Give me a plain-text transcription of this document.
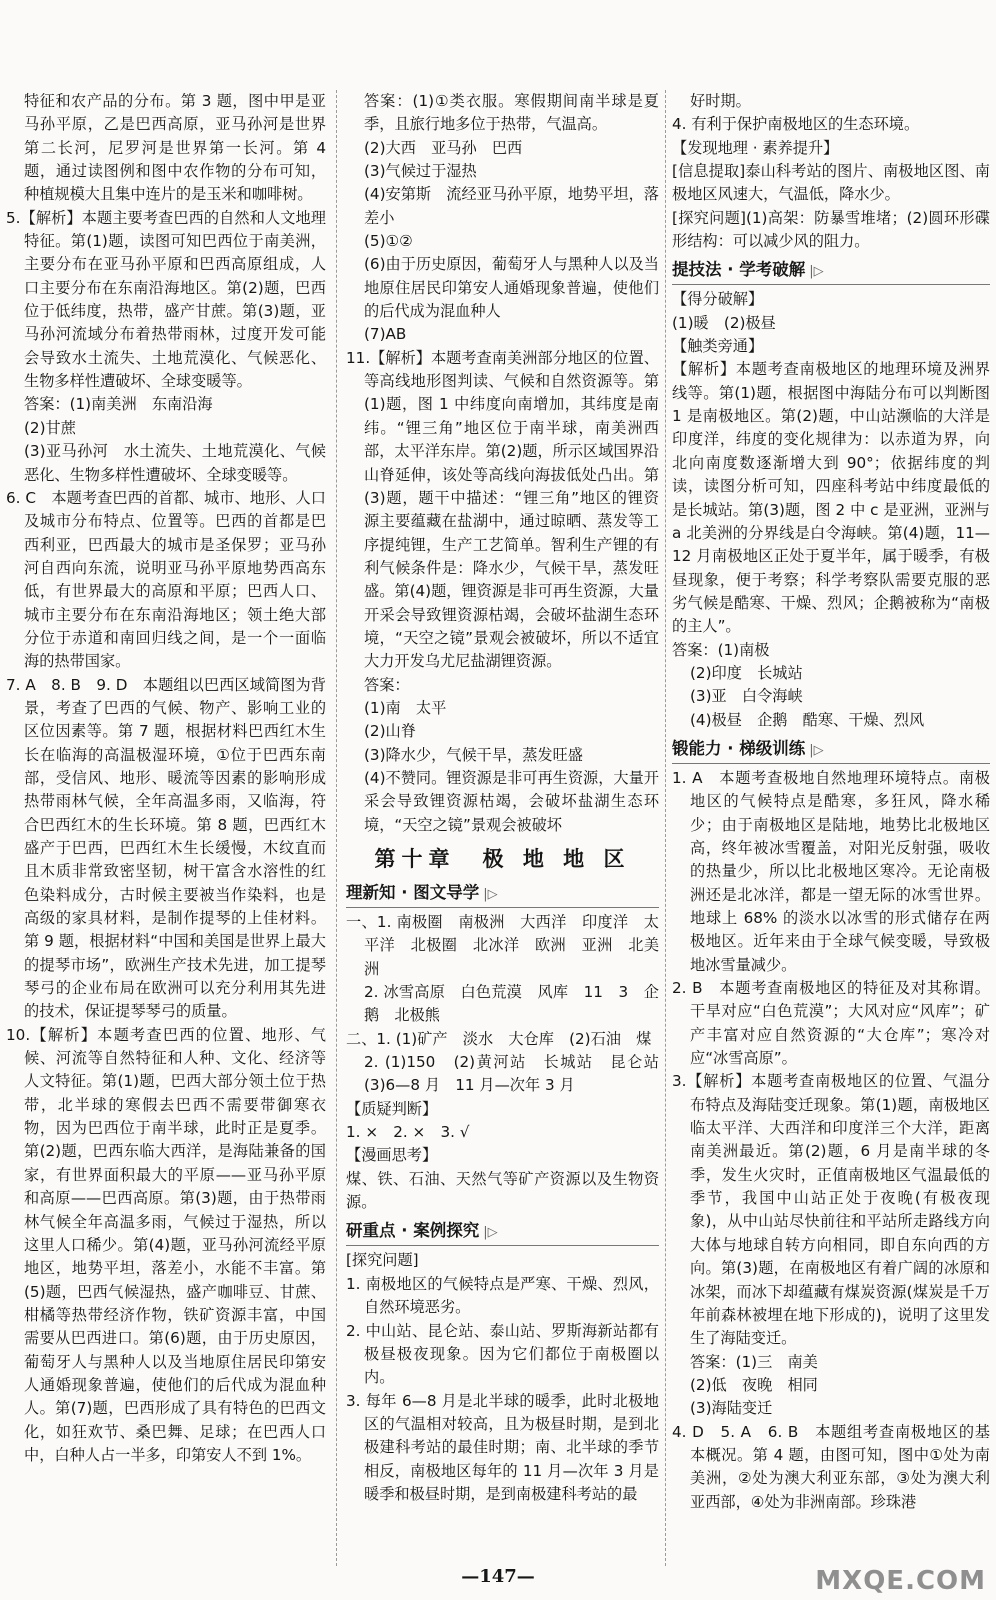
特征和农产品的分布。第 3 题，图中甲是亚马孙平原，乙是巴西高原，亚马孙河是世界第二长河，尼罗河是世界第一长河。第 4 题，通过读图例和图中农作物的分布可知，种植规模大且集中连片的是玉米和咖啡树。

5.【解析】本题主要考查巴西的自然和人文地理特征。第(1)题，读图可知巴西位于南美洲，主要分布在亚马孙平原和巴西高原组成，人口主要分布在东南沿海地区。第(2)题，巴西位于低纬度，热带，盛产甘蔗。第(3)题，亚马孙河流域分布着热带雨林，过度开发可能会导致水土流失、土地荒漠化、气候恶化、生物多样性遭破坏、全球变暖等。

答案：(1)南美洲　东南沿海

(2)甘蔗

(3)亚马孙河　水土流失、土地荒漠化、气候恶化、生物多样性遭破坏、全球变暖等。

6. C　本题考查巴西的首都、城市、地形、人口及城市分布特点、位置等。巴西的首都是巴西利亚，巴西最大的城市是圣保罗；亚马孙河自西向东流，说明亚马孙平原地势西高东低，有世界最大的高原和平原；巴西人口、城市主要分布在东南沿海地区；领土绝大部分位于赤道和南回归线之间，是一个一面临海的热带国家。

7. A　8. B　9. D　本题组以巴西区域简图为背景，考查了巴西的气候、物产、影响工业的区位因素等。第 7 题，根据材料巴西红木生长在临海的高温极湿环境，①位于巴西东南部，受信风、地形、暖流等因素的影响形成热带雨林气候，全年高温多雨，又临海，符合巴西红木的生长环境。第 8 题，巴西红木盛产于巴西，巴西红木生长缓慢，木纹直而且木质非常致密坚韧，树干富含水溶性的红色染料成分，古时候主要被当作染料，也是高级的家具材料，是制作提琴的上佳材料。第 9 题，根据材料“中国和美国是世界上最大的提琴市场”，欧洲生产技术先进，加工提琴琴弓的企业布局在欧洲可以充分利用其先进的技术，保证提琴琴弓的质量。

10.【解析】本题考查巴西的位置、地形、气候、河流等自然特征和人种、文化、经济等人文特征。第(1)题，巴西大部分领土位于热带，北半球的寒假去巴西不需要带御寒衣物，因为巴西位于南半球，此时正是夏季。第(2)题，巴西东临大西洋，是海陆兼备的国家，有世界面积最大的平原——亚马孙平原和高原——巴西高原。第(3)题，由于热带雨林气候全年高温多雨，气候过于湿热，所以这里人口稀少。第(4)题，亚马孙河流经平原地区，地势平坦，落差小，水能不丰富。第(5)题，巴西气候湿热，盛产咖啡豆、甘蔗、柑橘等热带经济作物，铁矿资源丰富，中国需要从巴西进口。第(6)题，由于历史原因，葡萄牙人与黑种人以及当地原住居民印第安人通婚现象普遍，使他们的后代成为混血种人。第(7)题，巴西形成了具有特色的巴西文化，如狂欢节、桑巴舞、足球；在巴西人口中，白种人占一半多，印第安人不到 1%。

答案：(1)①类衣服。寒假期间南半球是夏季，且旅行地多位于热带，气温高。

(2)大西　亚马孙　巴西

(3)气候过于湿热

(4)安第斯　流经亚马孙平原，地势平坦，落差小

(5)①②

(6)由于历史原因，葡萄牙人与黑种人以及当地原住居民印第安人通婚现象普遍，使他们的后代成为混血种人

(7)AB

11.【解析】本题考查南美洲部分地区的位置、等高线地形图判读、气候和自然资源等。第(1)题，图 1 中纬度向南增加，其纬度是南纬。“锂三角”地区位于南半球，南美洲西部，太平洋东岸。第(2)题，所示区域国界沿山脊延伸，该处等高线向海拔低处凸出。第(3)题，题干中描述：“锂三角”地区的锂资源主要蕴藏在盐湖中，通过晾晒、蒸发等工序提纯锂，生产工艺简单。智利生产锂的有利气候条件是：降水少，气候干旱，蒸发旺盛。第(4)题，锂资源是非可再生资源，大量开采会导致锂资源枯竭，会破坏盐湖生态环境，“天空之镜”景观会被破坏，所以不适宜大力开发乌尤尼盐湖锂资源。

答案：

(1)南　太平

(2)山脊

(3)降水少，气候干旱，蒸发旺盛

(4)不赞同。锂资源是非可再生资源，大量开采会导致锂资源枯竭，会破坏盐湖生态环境，“天空之镜”景观会被破坏

第十章　极 地 地 区
理新知 · 图文导学 |▷

一、1. 南极圈　南极洲　大西洋　印度洋　太平洋　北极圈　北冰洋　欧洲　亚洲　北美洲

2. 冰雪高原　白色荒漠　风库　11　3　企鹅　北极熊

二、1. (1)矿产　淡水　大仓库　(2)石油　煤

2. (1)150　(2)黄河站　长城站　昆仑站　(3)6—8 月　11 月—次年 3 月

【质疑判断】

1. ×　2. ×　3. √

【漫画思考】

煤、铁、石油、天然气等矿产资源以及生物资源。

研重点 · 案例探究 |▷

[探究问题]

1. 南极地区的气候特点是严寒、干燥、烈风，自然环境恶劣。

2. 中山站、昆仑站、泰山站、罗斯海新站都有极昼极夜现象。因为它们都位于南极圈以内。

3. 每年 6—8 月是北半球的暖季，此时北极地区的气温相对较高，且为极昼时期，是到北极建科考站的最佳时期；南、北半球的季节相反，南极地区每年的 11 月—次年 3 月是暖季和极昼时期，是到南极建科考站的最

好时期。

4. 有利于保护南极地区的生态环境。

【发现地理 · 素养提升】

[信息提取]泰山科考站的图片、南极地区图、南极地区风速大，气温低，降水少。

[探究问题](1)高架：防暴雪堆堵；(2)圆环形碟形结构：可以减少风的阻力。

提技法 · 学考破解 |▷

【得分破解】

(1)暖　(2)极昼

【触类旁通】

【解析】本题考查南极地区的地理环境及洲界线等。第(1)题，根据图中海陆分布可以判断图 1 是南极地区。第(2)题，中山站濒临的大洋是印度洋，纬度的变化规律为：以赤道为界，向北向南度数逐渐增大到 90°；依据纬度的判读，读图分析可知，四座科考站中纬度最低的是长城站。第(3)题，图 2 中 c 是亚洲，亚洲与 a 北美洲的分界线是白令海峡。第(4)题，11—12 月南极地区正处于夏半年，属于暖季，有极昼现象，便于考察；科学考察队需要克服的恶劣气候是酷寒、干燥、烈风；企鹅被称为“南极的主人”。

答案：(1)南极

(2)印度　长城站

(3)亚　白令海峡

(4)极昼　企鹅　酷寒、干燥、烈风

锻能力 · 梯级训练 |▷

1. A　本题考查极地自然地理环境特点。南极地区的气候特点是酷寒，多狂风，降水稀少；由于南极地区是陆地，地势比北极地区高，终年被冰雪覆盖，对阳光反射强，吸收的热量少，所以比北极地区寒冷。无论南极洲还是北冰洋，都是一望无际的冰雪世界。地球上 68% 的淡水以冰雪的形式储存在两极地区。近年来由于全球气候变暖，导致极地冰雪量减少。

2. B　本题考查南极地区的特征及对其称谓。干旱对应“白色荒漠”；大风对应“风库”；矿产丰富对应自然资源的“大仓库”；寒冷对应“冰雪高原”。

3.【解析】本题考查南极地区的位置、气温分布特点及海陆变迁现象。第(1)题，南极地区临太平洋、大西洋和印度洋三个大洋，距离南美洲最近。第(2)题，6 月是南半球的冬季，发生火灾时，正值南极地区气温最低的季节，我国中山站正处于夜晚(有极夜现象)，从中山站尽快前往和平站所走路线方向大体与地球自转方向相同，即自东向西的方向。第(3)题，在南极地区有着广阔的冰原和冰架，而冰下却蕴藏有煤炭资源(煤炭是千万年前森林被埋在地下形成的)，说明了这里发生了海陆变迁。

答案：(1)三　南美

(2)低　夜晚　相同

(3)海陆变迁

4. D　5. A　6. B　本题组考查南极地区的基本概况。第 4 题，由图可知，图中①处为南美洲，②处为澳大利亚东部，③处为澳大利亚西部，④处为非洲南部。珍珠港

—147—	MXQE.COM
